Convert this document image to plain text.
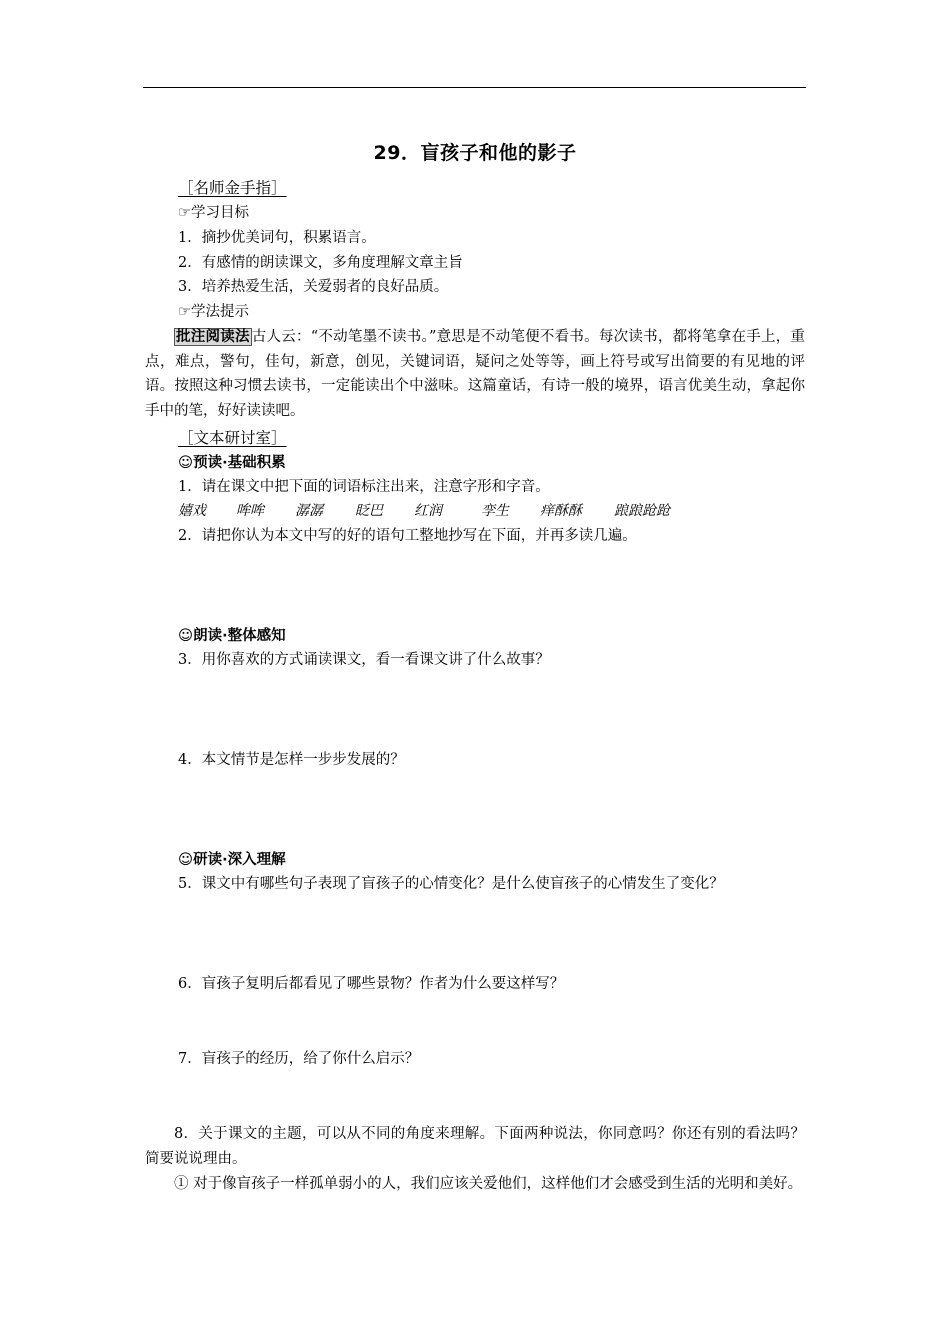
29．盲孩子和他的影子
［名师金手指］
☞学习目标
1．摘抄优美词句，积累语言。
2．有感情的朗读课文，多角度理解文章主旨
3．培养热爱生活，关爱弱者的良好品质。
☞学法提示
批注阅读法 古人云：“不动笔墨不读书。”意思是不动笔便不看书。每次读书，都将笔拿在手上，重点，难点，警句，佳句，新意，创见，关键词语，疑问之处等等，画上符号或写出简要的有见地的评语。按照这种习惯去读书，一定能读出个中滋味。这篇童话，有诗一般的境界，语言优美生动，拿起你手中的笔，好好读读吧。
［文本研讨室］
☺预读·基础积累
1．请在课文中把下面的词语标注出来，注意字形和字音。
嬉戏 哞哞 潺潺 眨巴 红润	孪生 痒酥酥 踉踉跄跄
2．请把你认为本文中写的好的语句工整地抄写在下面，并再多读几遍。
☺朗读·整体感知
3．用你喜欢的方式诵读课文，看一看课文讲了什么故事？
4．本文情节是怎样一步步发展的？
☺研读·深入理解
5．课文中有哪些句子表现了盲孩子的心情变化？是什么使盲孩子的心情发生了变化？
6．盲孩子复明后都看见了哪些景物？作者为什么要这样写？
7．盲孩子的经历，给了你什么启示？
8．关于课文的主题，可以从不同的角度来理解。下面两种说法，你同意吗？你还有别的看法吗？简要说说理由。
① 对于像盲孩子一样孤单弱小的人，我们应该关爱他们，这样他们才会感受到生活的光明和美好。
